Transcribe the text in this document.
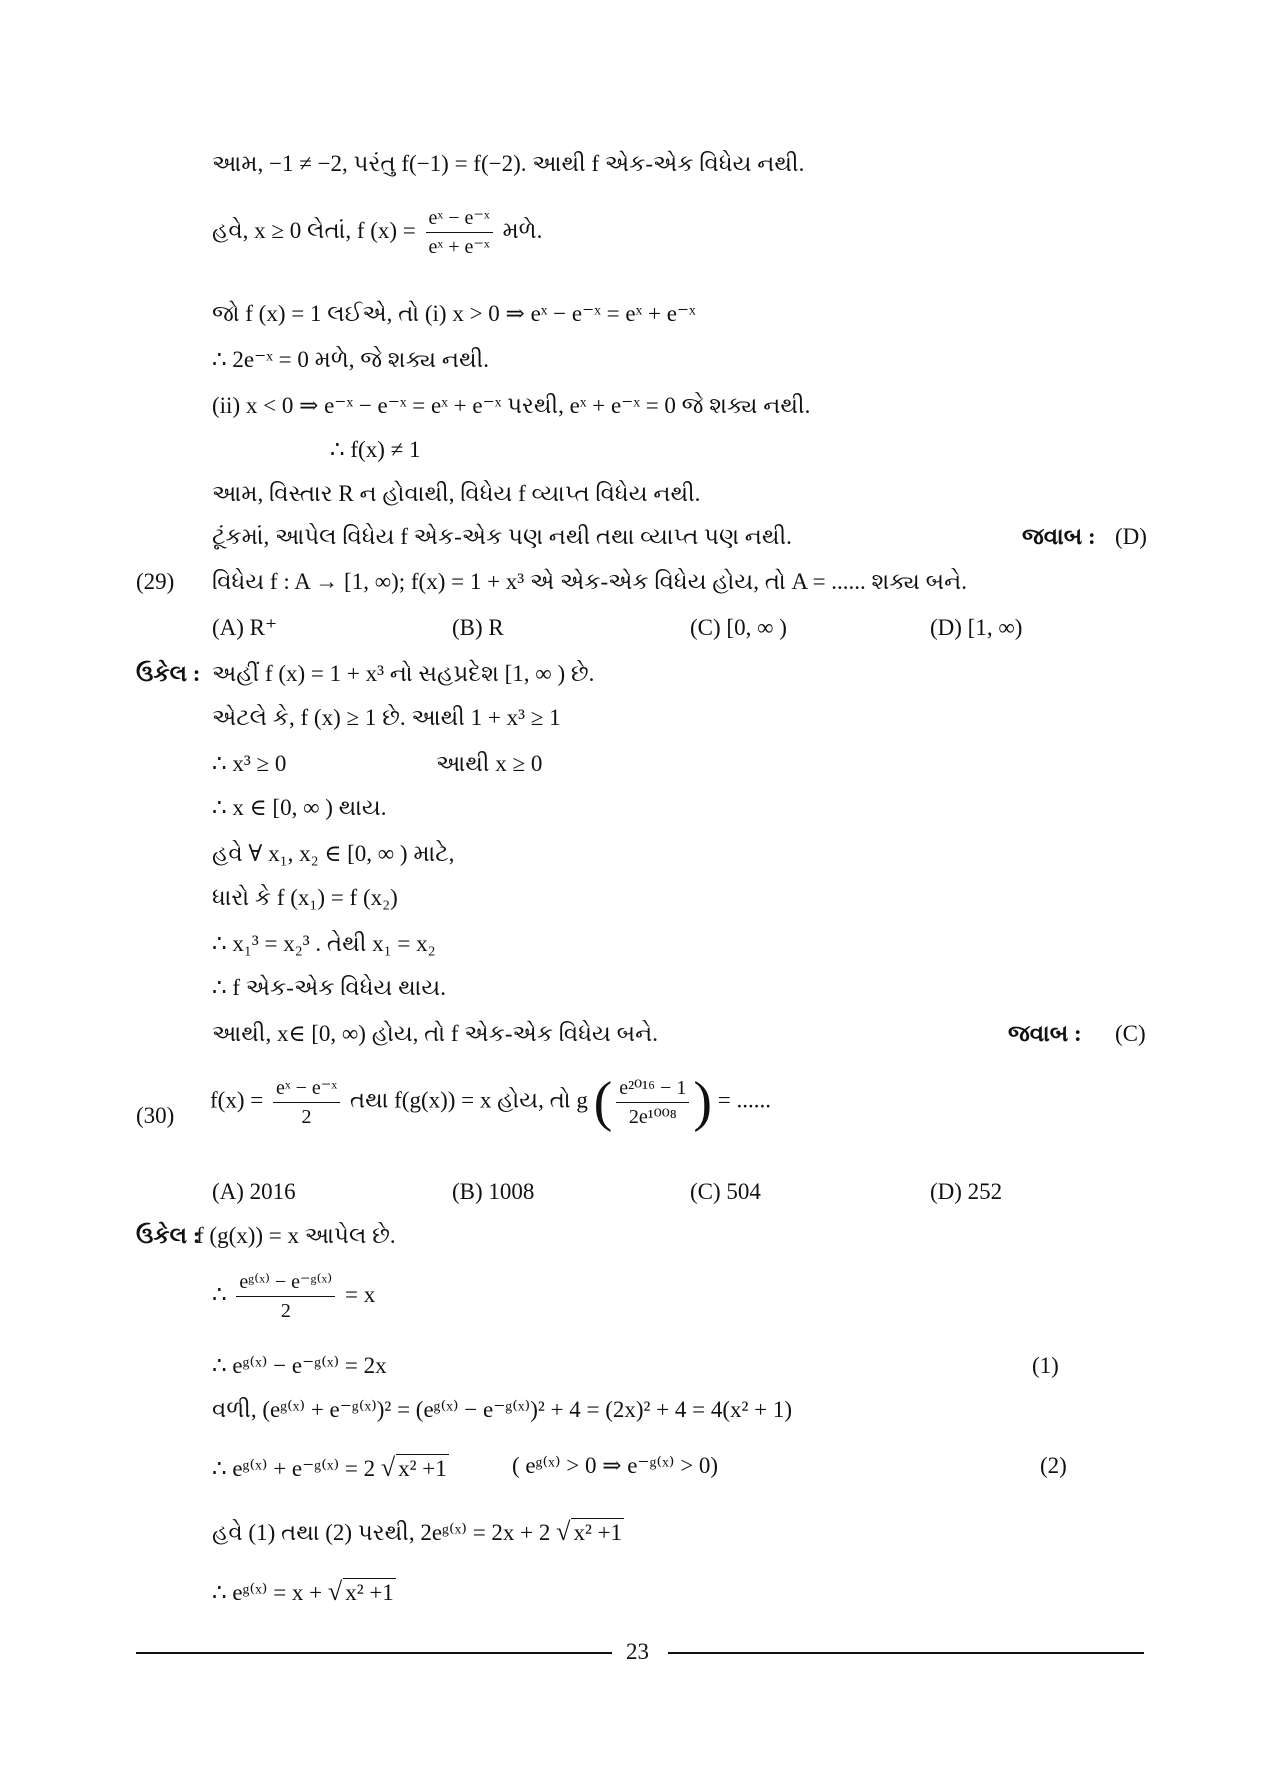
આમ, −1 ≠ −2, પરંતુ f(−1) = f(−2). આથી f એક-એક વિધેય નથી.
હવે, x ≥ 0 લેતાં, f $(x) = \frac{\text{eˣ − e⁻ˣ}}{\text{eˣ + e⁻ˣ}}$ મળે.
જો f (x) = 1 લઈએ, તો (i) x > 0 ⇒ eˣ − e⁻ˣ = eˣ + e⁻ˣ
∴ 2e⁻ˣ = 0 મળે, જે શક્ય નથી.
(ii) x < 0 ⇒ e⁻ˣ − e⁻ˣ = eˣ + e⁻ˣ પરથી, eˣ + e⁻ˣ = 0 જે શક્ય નથી.
∴ f(x) ≠ 1
આમ, વિસ્તાર R ન હોવાથી, વિધેય f વ્યાપ્ત વિધેય નથી.
ટૂંકમાં, આપેલ વિધેય f એક-એક પણ નથી તથા વ્યાપ્ત પણ નથી.	જવાબ : (D)
(29) વિધેય f : A → [1, ∞); f(x) = 1 + x³ એ એક-એક વિધેય હોય, તો A = ...... શક્ય બને.
(A) R⁺	(B) R	(C) [0, ∞ )	(D) [1, ∞)
ઉકેલ : અહીં f (x) = 1 + x³ નો સહપ્રદેશ [1, ∞ ) છે.
એટલે કે, f (x) ≥ 1 છે. આથી 1 + x³ ≥ 1
∴ x³ ≥ 0	આથી x ≥ 0
∴ x ∈ [0, ∞ ) થાય.
હવે ∀ x₁, x₂ ∈ [0, ∞ ) માટે,
ધારો કે f (x₁) = f (x₂)
∴ x₁³ = x₂³ . તેથી x₁ = x₂
∴ f એક-એક વિધેય થાય.
આથી, x∈ [0, ∞) હોય, તો f એક-એક વિધેય બને.	જવાબ : (C)
(30)
$f(x) = \frac{\text{eˣ − e⁻ˣ}}{2}$ તથા f(g(x)) = x હોય, તો g ( $\frac{\text{e²⁰¹⁶ − 1}}{\text{2e¹⁰⁰⁸}}$ ) = ......
(A) 2016	(B) 1008	(C) 504	(D) 252
ઉકેલ :
f (g(x)) = x આપેલ છે.
∴ $\frac{\text{eᵍ⁽ˣ⁾ − e⁻ᵍ⁽ˣ⁾}}{2} = x$
∴ eᵍ⁽ˣ⁾ − e⁻ᵍ⁽ˣ⁾ = 2x	(1)
વળી, (eᵍ⁽ˣ⁾ + e⁻ᵍ⁽ˣ⁾)² = (eᵍ⁽ˣ⁾ − e⁻ᵍ⁽ˣ⁾)² + 4 = (2x)² + 4 = 4(x² + 1)
∴ eᵍ⁽ˣ⁾ + e⁻ᵍ⁽ˣ⁾ = 2 √ x² +1	( eᵍ⁽ˣ⁾ > 0 ⇒ e⁻ᵍ⁽ˣ⁾ > 0)	(2)
હવે (1) તથા (2) પરથી, 2eᵍ⁽ˣ⁾ = 2x + 2 √ x² +1
∴ eᵍ⁽ˣ⁾ = x + √ x² +1
23
